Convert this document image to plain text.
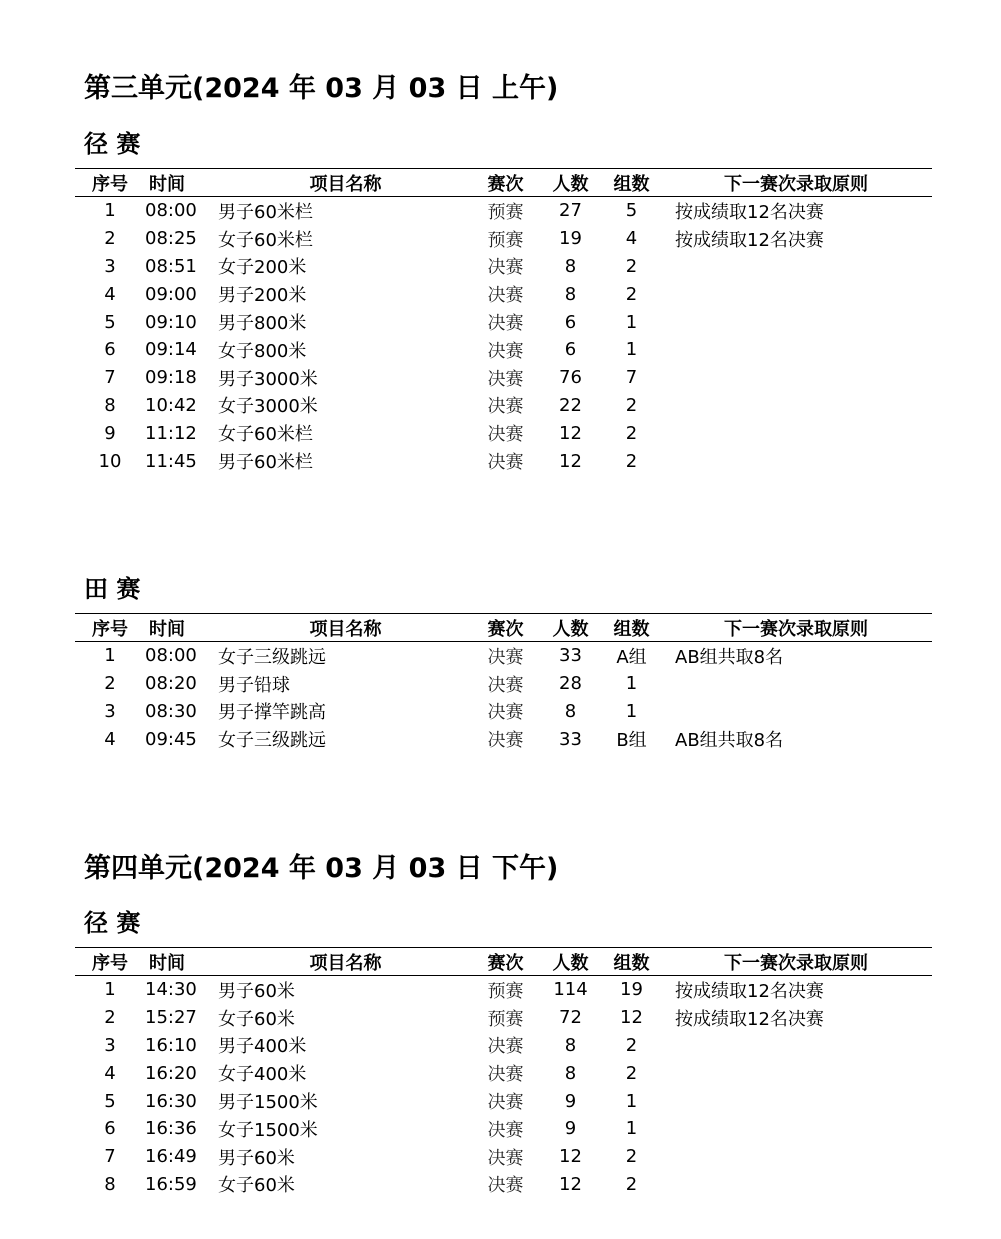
第三单元(2024 年 03 月 03 日 上午)
径 赛
序号	时间	项目名称	赛次	人数	组数	下一赛次录取原则
1	08:00	男子60米栏	预赛	27	5	按成绩取12名决赛
2	08:25	女子60米栏	预赛	19	4	按成绩取12名决赛
3	08:51	女子200米	决赛	8	2	
4	09:00	男子200米	决赛	8	2	
5	09:10	男子800米	决赛	6	1	
6	09:14	女子800米	决赛	6	1	
7	09:18	男子3000米	决赛	76	7	
8	10:42	女子3000米	决赛	22	2	
9	11:12	女子60米栏	决赛	12	2	
10	11:45	男子60米栏	决赛	12	2	
田 赛
序号	时间	项目名称	赛次	人数	组数	下一赛次录取原则
1	08:00	女子三级跳远	决赛	33	A组	AB组共取8名
2	08:20	男子铅球	决赛	28	1	
3	08:30	男子撑竿跳高	决赛	8	1	
4	09:45	女子三级跳远	决赛	33	B组	AB组共取8名
第四单元(2024 年 03 月 03 日 下午)
径 赛
序号	时间	项目名称	赛次	人数	组数	下一赛次录取原则
1	14:30	男子60米	预赛	114	19	按成绩取12名决赛
2	15:27	女子60米	预赛	72	12	按成绩取12名决赛
3	16:10	男子400米	决赛	8	2	
4	16:20	女子400米	决赛	8	2	
5	16:30	男子1500米	决赛	9	1	
6	16:36	女子1500米	决赛	9	1	
7	16:49	男子60米	决赛	12	2	
8	16:59	女子60米	决赛	12	2	
